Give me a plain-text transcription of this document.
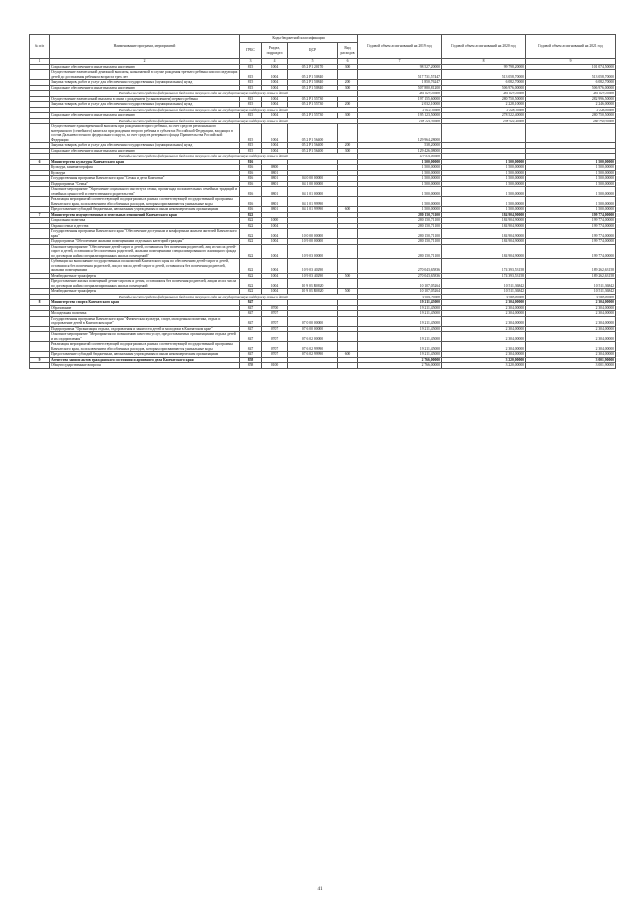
№ п/п	Наименование программ, мероприятий	Коды бюджетной классификации				Годовой объем ассигнований на 2019 год	Годовой объем ассигнований на 2020 год	Годовой объем ассигнований на 2021 год
		ГРБС	Раздел, подраздел	ЦСР	Вид расходов			
1	2	3	4	5	6	7	8	9
	Социальное обеспечение и иные выплаты населению	815	1004	05 2 Р1 20170	300	98 527,20000	99 798,20000	101 074,50000
	Осуществление ежемесячной денежной выплаты, назначаемой в случае рождения третьего ребенка или последующих детей до достижения ребенком возраста трех лет	815	1004	05 2 Р1 50840		517 731,57447	513 058,70000	513 058,70000
	Закупка товаров, работ и услуг для обеспечения государственных (муниципальных) нужд	815	1004	05 2 Р1 50840	200	1 850,76247	6 082,70000	6 082,70000
	Социальное обеспечение и иные выплаты населению	815	1004	05 2 Р1 50840	300	507 880,81200	506 976,00000	506 976,00000
	Расходы за счет средств федерального бюджета текущего года на государственную поддержку семьи и детей					481 627,20000	481 627,20000	481 627,20000
	Осуществление ежемесячной выплаты в связи с рождением (усыновлением) первого ребенка	815	1004	05 2 Р1 55730		197 155,60000	280 750,50000	282 996,50000
	Закупка товаров, работ и услуг для обеспечения государственных (муниципальных) нужд	815	1004	05 2 Р1 55730	200	2 032,10000	2 228,10000	2 246,00000
	Расходы за счет средств федерального бюджета текущего года на государственную поддержку семьи и детей					2 012,10000	2 228,10000	2 246,00000
	Социальное обеспечение и иные выплаты населению	815	1004	05 2 Р1 55730	300	195 123,50000	278 522,40000	280 750,50000
	Расходы за счет средств федерального бюджета текущего года на государственную поддержку семьи и детей					193 121,50000	278 522,40000	280 750,50000
	Осуществление единовременной выплаты при рождении второго ребенка, за счет средств регионального материнского (семейного) капитала при рождении второго ребенка в субъектах Российской Федерации, входящих в состав Дальневосточного федерального округа, за счет средств резервного фонда Правительства Российской Федерации	815	1004	05 2 Р1 56400		129 964,28000		
	Закупка товаров, работ и услуг для обеспечения государственных (муниципальных) нужд	815	1004	05 2 Р1 56400	200	538,20000		
	Социальное обеспечение и иные выплаты населению	815	1004	05 2 Р1 56400	300	129 426,08000		
	Расходы за счет средств федерального бюджета текущего года на государственную поддержку семьи и детей					117 011,80000		
6	Министерство культуры Камчатского края	816				1 500,00000	1 500,00000	1 500,00000
	Культура, кинематография	816	0800			1 500,00000	1 500,00000	1 500,00000
	Культура	816	0801			1 500,00000	1 500,00000	1 500,00000
	Государственная программа Камчатского края "Семья и дети Камчатки"	816	0801	04 0 00 00000		1 500,00000	1 500,00000	1 500,00000
	Подпрограмма "Семья"	816	0801	04 1 00 00000		1 500,00000	1 500,00000	1 500,00000
	Основное мероприятие "Укрепление социального института семьи, пропаганда положительных семейных традиций и семейных ценностей и ответственного родительства"	816	0801	04 1 01 00000		1 500,00000	1 500,00000	1 500,00000
	Реализация мероприятий соответствующей подпрограммы в рамках соответствующей государственной программы Камчатского края, за исключением обособленных расходов, которым присваиваются уникальные коды	816	0801	04 1 01 99990		1 500,00000	1 500,00000	1 500,00000
	Предоставление субсидий бюджетным, автономным учреждениям и иным некоммерческим организациям	816	0801	04 1 01 99990	600	1 500,00000	1 500,00000	1 500,00000
7	Министерство имущественных и земельных отношений Камчатского края	822				280 150,71100	184 904,90000	199 774,00000
	Социальная политика	822	1000			280 150,71100	184 904,90000	199 774,00000
	Охрана семьи и детства	822	1004			280 150,71100	184 904,90000	199 774,00000
	Государственная программа Камчатского края "Обеспечение доступным и комфортным жильем жителей Камчатского края"	822	1004	10 0 00 00000		280 150,71100	184 904,90000	199 774,00000
	Подпрограмма "Обеспечение жилыми помещениями отдельных категорий граждан"	822	1004	10 9 00 00000		280 150,71100	184 904,90000	199 774,00000
	Основное мероприятие "Обеспечение детей-сирот и детей, оставшихся без попечения родителей, лиц из числа детей-сирот и детей, оставшихся без попечения родителей, жилыми помещениями специализированного жилищного фонда по договорам найма специализированных жилых помещений"	822	1004	10 9 03 00000		280 150,71100	184 904,90000	199 774,00000
	Субвенции на выполнение государственных полномочий Камчатского края по обеспечению детей-сирот и детей, оставшихся без попечения родителей, лиц из числа детей-сирот и детей, оставшихся без попечения родителей, жилыми помещениями	822	1004	10 9 03 40290		270 043,65836	174 393,53158	189 262,63158
	Межбюджетные трансферты	822	1004	10 9 03 40290	500	270 043,65836	174 393,53158	189 262,63158
	Предоставление жилых помещений детям-сиротам и детям, оставшимся без попечения родителей, лицам из их числа по договорам найма специализированных жилых помещений	822	1004	10 9 03 R0820		10 107,05264	10 511,36842	10 511,36842
	Межбюджетные трансферты	822	1004	10 9 03 R0820	500	10 107,05264	10 511,36842	10 511,36842
	Расходы за счет средств федерального бюджета текущего года на государственную поддержку семьи и детей					9 601,70000	9 985,80000	9 985,80000
8	Министерство спорта Камчатского края	847				19 211,45000	2 304,00000	2 304,00000
	Образование	847	0700			19 211,45000	2 304,00000	2 304,00000
	Молодежная политика	847	0707			19 211,45000	2 304,00000	2 304,00000
	Государственная программа Камчатского края "Физическая культура, спорт, молодежная политика, отдых и оздоровление детей в Камчатском крае"	847	0707	07 0 00 00000		19 211,45000	2 304,00000	2 304,00000
	Подпрограмма "Организация отдыха, оздоровления и занятости детей и молодежи в Камчатском крае"	847	0707	07 6 00 00000		19 211,45000	2 304,00000	2 304,00000
	Основное мероприятие "Мероприятия по повышению качества услуг, предоставляемых организациями отдыха детей и их оздоровления"	847	0707	07 6 02 00000		19 211,45000	2 304,00000	2 304,00000
	Реализация мероприятий соответствующей подпрограммы в рамках соответствующей государственной программы Камчатского края, за исключением обособленных расходов, которым присваиваются уникальные коды	847	0707	07 6 02 99990		19 211,45000	2 304,00000	2 304,00000
	Предоставление субсидий бюджетным, автономным учреждениям и иным некоммерческим организациям	847	0707	07 6 02 99990	600	19 211,45000	2 304,00000	2 304,00000
9	Агентство записи актов гражданского состояния и архивного дела Камчатского края	858				2 766,00000	3 220,00000	3 001,90000
	Общегосударственные вопросы	858	0100			2 766,00000	3 220,00000	3 001,90000
41
